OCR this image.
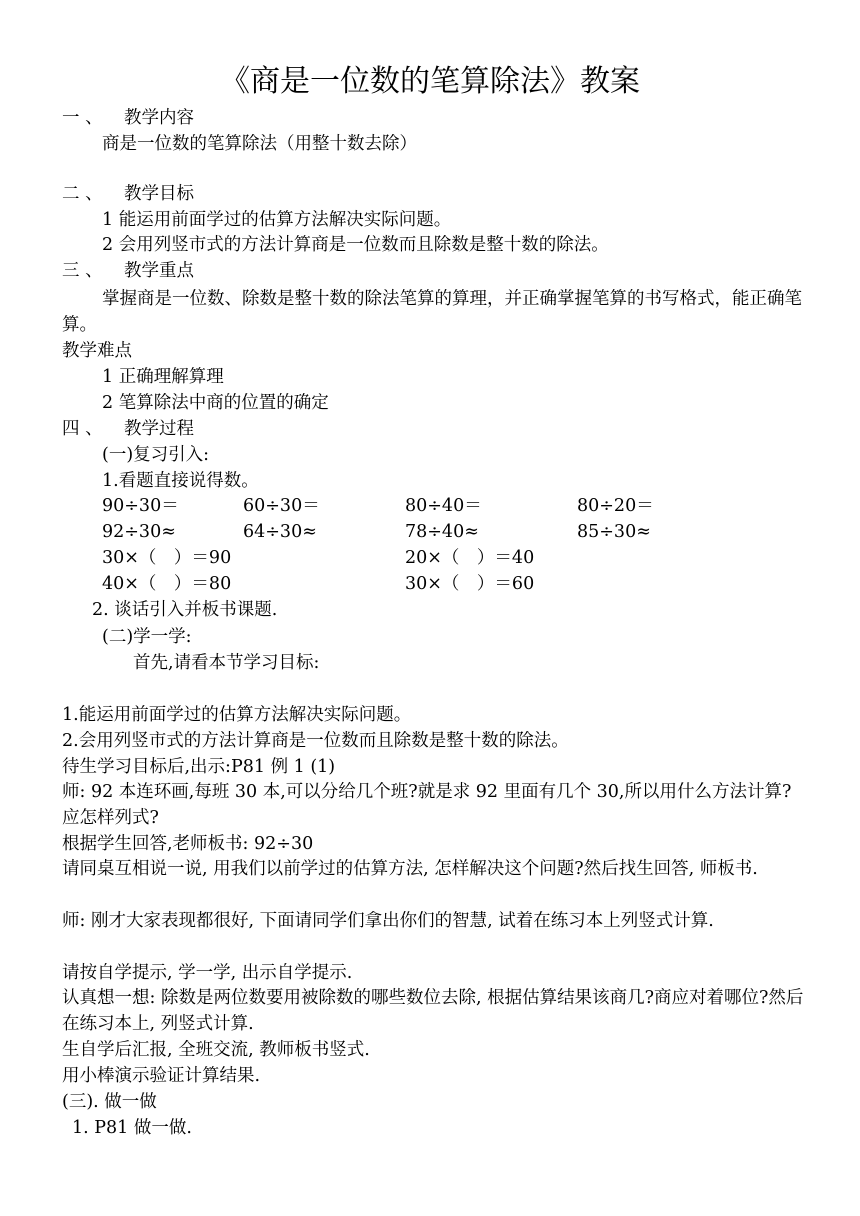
《商是一位数的笔算除法》教案
一 、 教学内容
商是一位数的笔算除法（用整十数去除）
二 、 教学目标
1 能运用前面学过的估算方法解决实际问题。
2 会用列竖市式的方法计算商是一位数而且除数是整十数的除法。
三 、 教学重点
掌握商是一位数、除数是整十数的除法笔算的算理，并正确掌握笔算的书写格式，能正确笔算。
教学难点
1 正确理解算理
2 笔算除法中商的位置的确定
四 、 教学过程
(一)复习引入:
1.看题直接说得数。
90÷30＝	60÷30＝	80÷40＝	80÷20＝
92÷30≈	64÷30≈	78÷40≈	85÷30≈
30×（　）＝90	20×（　）＝40
40×（　）＝80	30×（　）＝60
2. 谈话引入并板书课题.
(二)学一学:
首先,请看本节学习目标:
1.能运用前面学过的估算方法解决实际问题。
2.会用列竖市式的方法计算商是一位数而且除数是整十数的除法。
待生学习目标后,出示:P81 例 1 (1)
师: 92 本连环画,每班 30 本,可以分给几个班?就是求 92 里面有几个 30,所以用什么方法计算?应怎样列式?
根据学生回答,老师板书: 92÷30
请同桌互相说一说, 用我们以前学过的估算方法, 怎样解决这个问题?然后找生回答, 师板书.
师: 刚才大家表现都很好, 下面请同学们拿出你们的智慧, 试着在练习本上列竖式计算.
请按自学提示, 学一学, 出示自学提示.
认真想一想: 除数是两位数要用被除数的哪些数位去除, 根据估算结果该商几?商应对着哪位?然后在练习本上, 列竖式计算.
生自学后汇报, 全班交流, 教师板书竖式.
用小棒演示验证计算结果.
(三). 做一做
1. P81 做一做.
